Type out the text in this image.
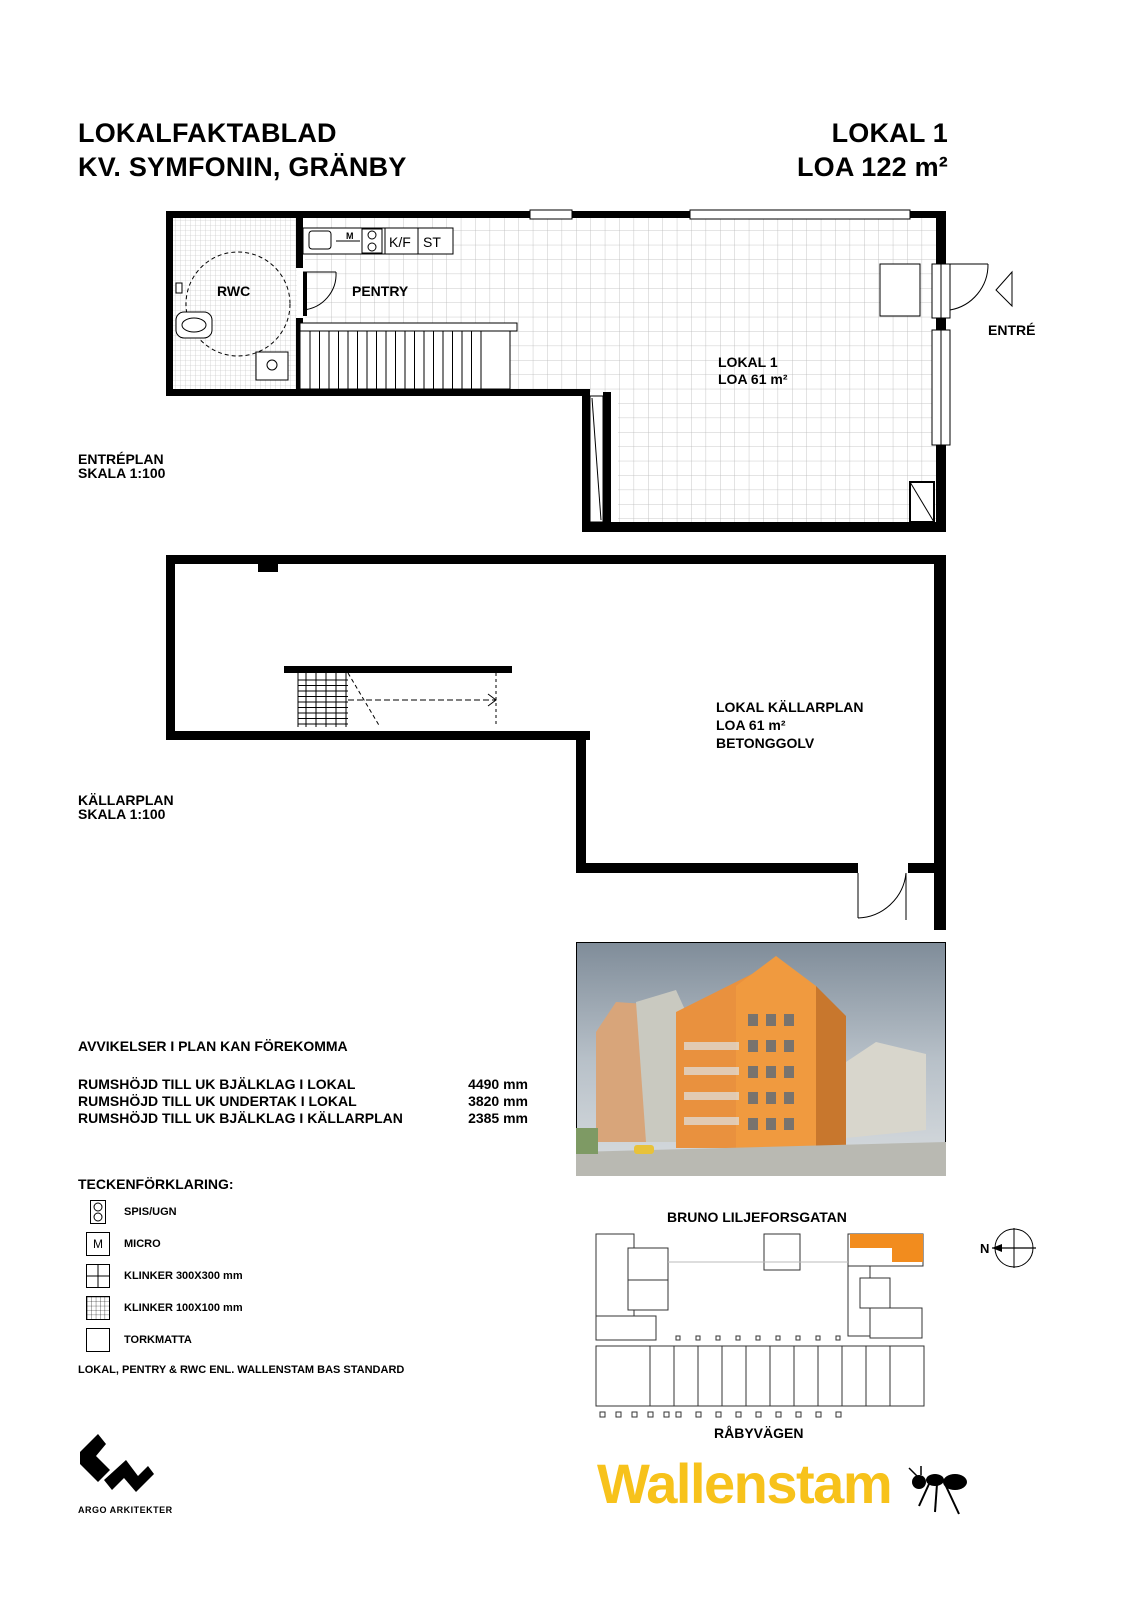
LOKALFAKTABLAD
KV. SYMFONIN, GRÄNBY
LOKAL 1
LOA 122 m²
M	K/F ST
RWC	PENTRY
LOKAL 1
LOA 61 m²
ENTRÉ
ENTRÉPLAN
SKALA 1:100
LOKAL KÄLLARPLAN
LOA 61 m²
BETONGGOLV
KÄLLARPLAN
SKALA 1:100
AVVIKELSER I PLAN KAN FÖREKOMMA
RUMSHÖJD TILL UK BJÄLKLAG I LOKAL	4490 mm
RUMSHÖJD TILL UK UNDERTAK I LOKAL	3820 mm
RUMSHÖJD TILL UK BJÄLKLAG I KÄLLARPLAN	2385 mm
TECKENFÖRKLARING:
SPIS/UGN
M	MICRO
KLINKER 300X300 mm
KLINKER 100X100 mm
TORKMATTA
LOKAL, PENTRY & RWC ENL. WALLENSTAM BAS STANDARD
BRUNO LILJEFORSGATAN
RÅBYVÄGEN
N
ARGO ARKITEKTER	Wallenstam
